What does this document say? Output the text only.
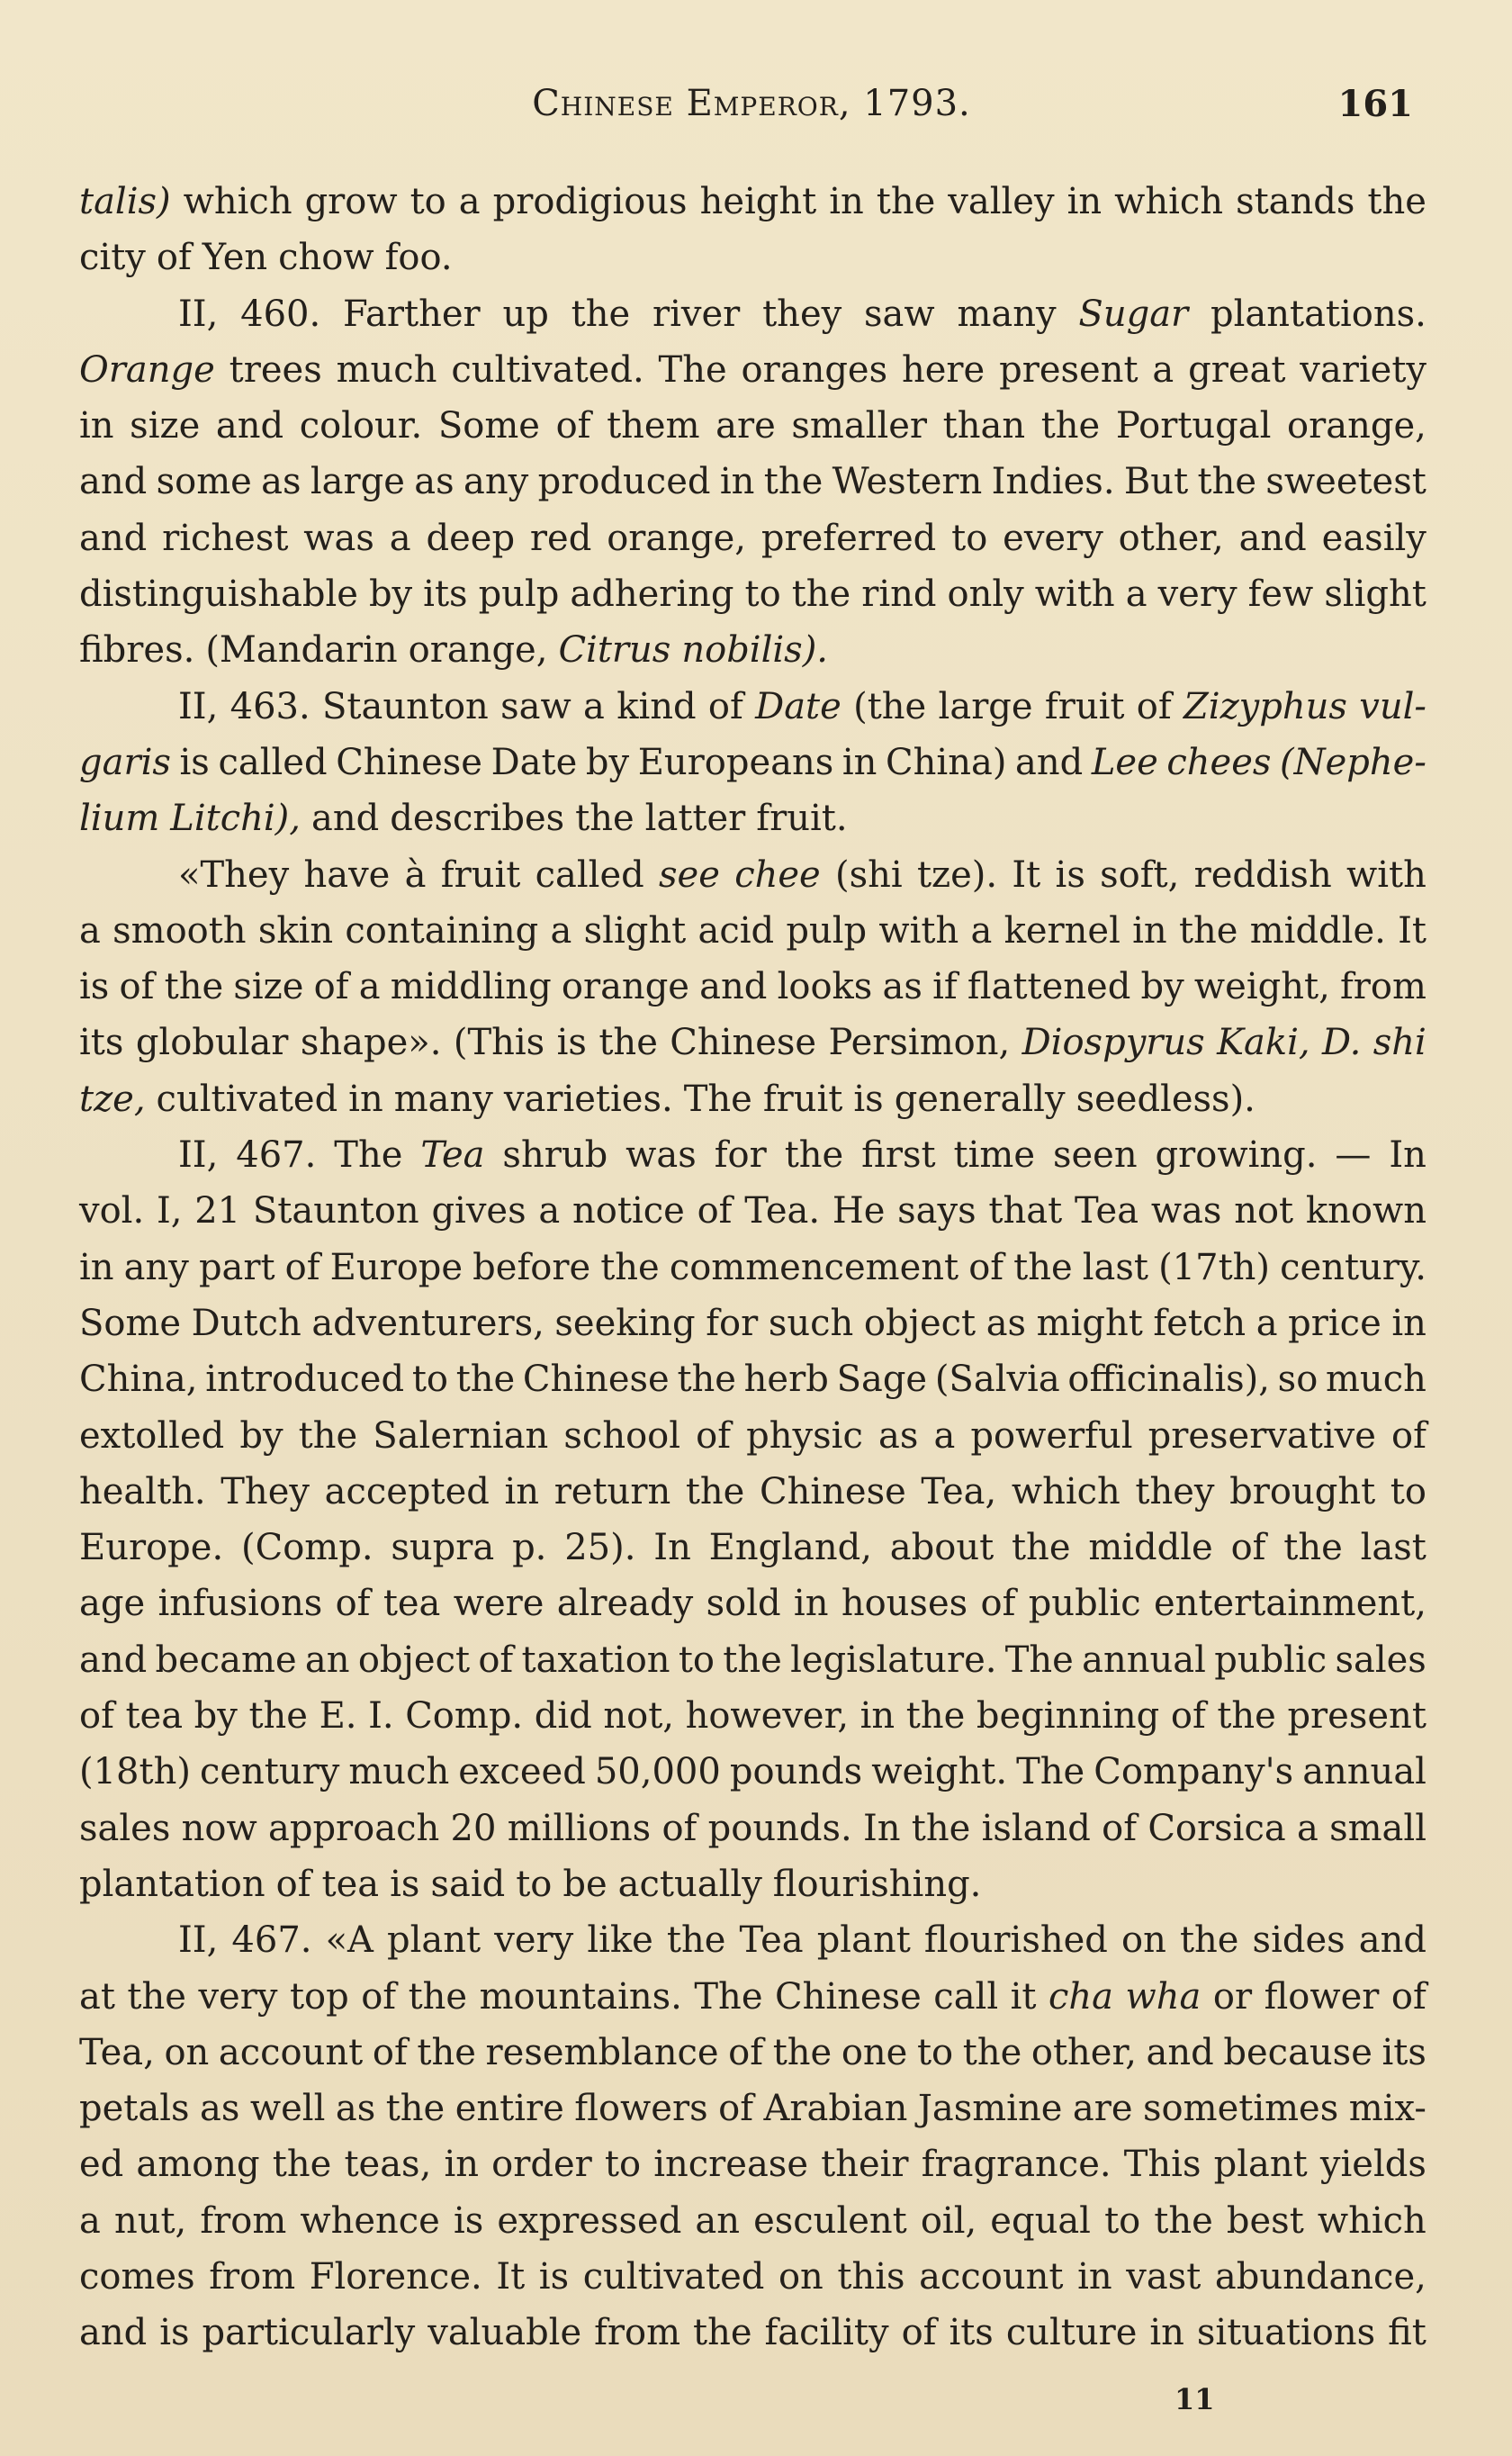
Chinese Emperor, 1793.	161
talis) which grow to a prodigious height in the valley in which stands the
city of Yen chow foo.
II, 460. Farther up the river they saw many Sugar plantations.
Orange trees much cultivated. The oranges here present a great variety
in size and colour. Some of them are smaller than the Portugal orange,
and some as large as any produced in the Western Indies. But the sweetest
and richest was a deep red orange, preferred to every other, and easily
distinguishable by its pulp adhering to the rind only with a very few slight
fibres. (Mandarin orange, Citrus nobilis).
II, 463. Staunton saw a kind of Date (the large fruit of Zizyphus vul-
garis is called Chinese Date by Europeans in China) and Lee chees (Nephe-
lium Litchi), and describes the latter fruit.
«They have à fruit called see chee (shi tze). It is soft, reddish with
a smooth skin containing a slight acid pulp with a kernel in the middle. It
is of the size of a middling orange and looks as if flattened by weight, from
its globular shape». (This is the Chinese Persimon, Diospyrus Kaki, D. shi
tze, cultivated in many varieties. The fruit is generally seedless).
II, 467. The Tea shrub was for the first time seen growing. — In
vol. I, 21 Staunton gives a notice of Tea. He says that Tea was not known
in any part of Europe before the commencement of the last (17th) century.
Some Dutch adventurers, seeking for such object as might fetch a price in
China, introduced to the Chinese the herb Sage (Salvia officinalis), so much
extolled by the Salernian school of physic as a powerful preservative of
health. They accepted in return the Chinese Tea, which they brought to
Europe. (Comp. supra p. 25). In England, about the middle of the last
age infusions of tea were already sold in houses of public entertainment,
and became an object of taxation to the legislature. The annual public sales
of tea by the E. I. Comp. did not, however, in the beginning of the present
(18th) century much exceed 50,000 pounds weight. The Company's annual
sales now approach 20 millions of pounds. In the island of Corsica a small
plantation of tea is said to be actually flourishing.
II, 467. «A plant very like the Tea plant flourished on the sides and
at the very top of the mountains. The Chinese call it cha wha or flower of
Tea, on account of the resemblance of the one to the other, and because its
petals as well as the entire flowers of Arabian Jasmine are sometimes mix-
ed among the teas, in order to increase their fragrance. This plant yields
a nut, from whence is expressed an esculent oil, equal to the best which
comes from Florence. It is cultivated on this account in vast abundance,
and is particularly valuable from the facility of its culture in situations fit
11
